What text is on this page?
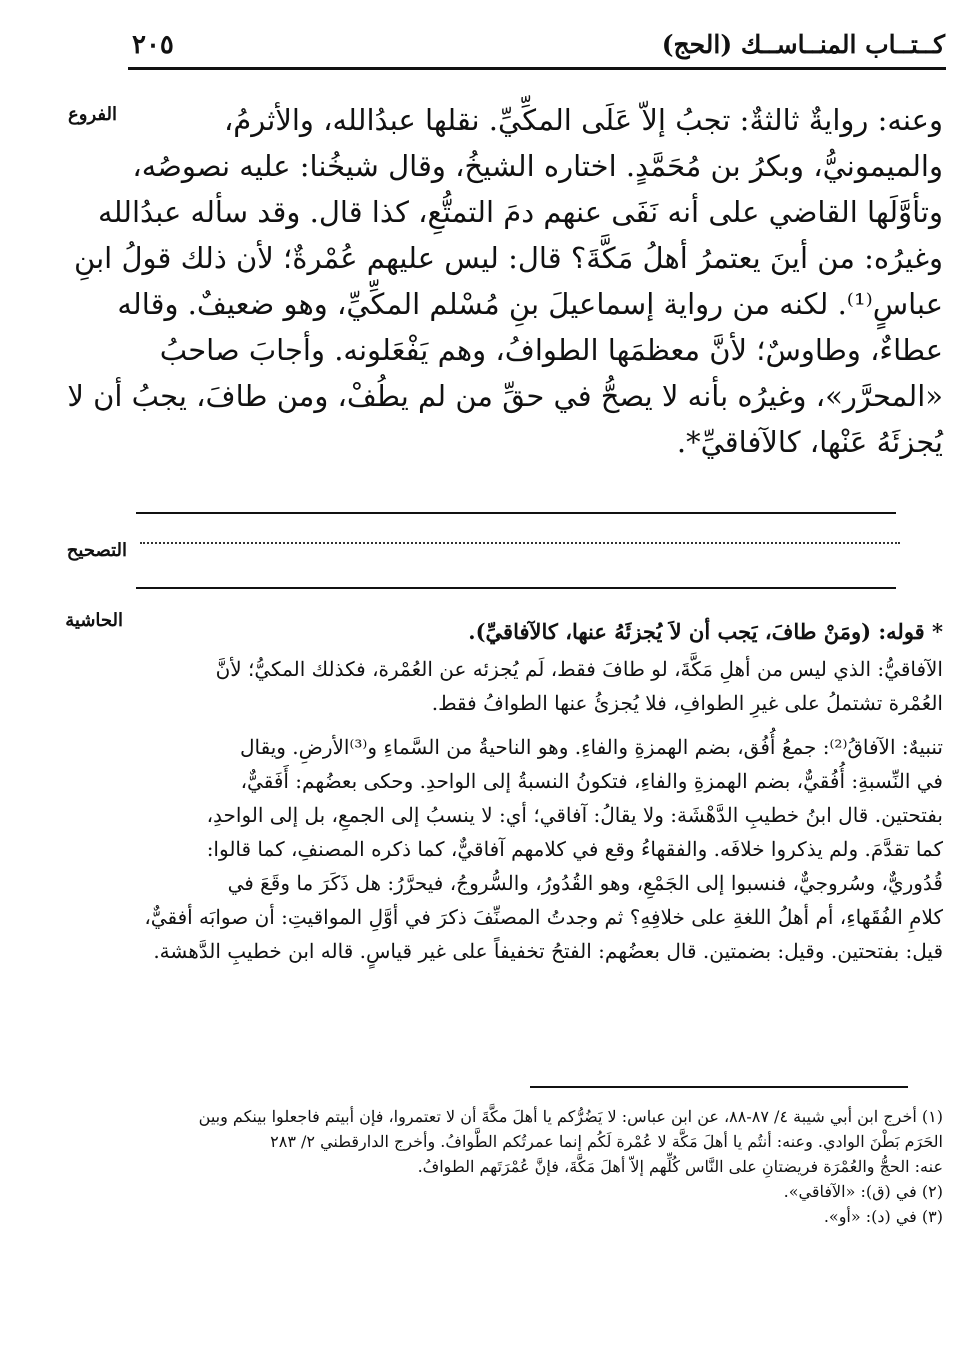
كــتــاب المنــاســك (الحج)
٢٠٥
الفروع
التصحيح
الحاشية

وعنه: روايةٌ ثالثةٌ: تجبُ إلاّ عَلَى المكِّيِّ. نقلها عبدُالله، والأثرمُ،

والميمونيُّ، وبكرُ بن مُحَمَّدٍ. اختاره الشيخُ، وقال شيخُنا: عليه نصوصُه،

وتأوَّلَها القاضي على أنه نَفَى عنهم دمَ التمتُّعِ، كذا قال. وقد سأله عبدُالله

وغيرُه: من أينَ يعتمرُ أهلُ مَكَّةَ؟ قال: ليس عليهم عُمْرةٌ؛ لأن ذلك قولُ ابنِ

عباسٍ⁽¹⁾. لكنه من رواية إسماعيلَ بنِ مُسْلم المكِّيِّ، وهو ضعيفٌ. وقاله

عطاءٌ، وطاوسٌ؛ لأنَّ معظمَها الطوافُ، وهم يَفْعَلونه. وأجابَ صاحبُ

«المحرَّر»، وغيرُه بأنه لا يصحُّ في حقِّ من لم يطُفْ، ومن طافَ، يجبُ أن لا

يُجزئَهُ عَنْها، كالآفاقيِّ*.

* قوله: (ومَنْ طافَ، يَجب أن لاَ يُجزئَهُ عنها، كالآفاقيِّ).

الآفاقيُّ: الذي ليس من أهلِ مَكَّةَ، لو طافَ فقط، لَم يُجزئه عن العُمْرة، فكذلك المكيُّ؛ لأنَّ

العُمْرة تشتملُ على غيرِ الطوافِ، فلا يُجزئُ عنها الطوافُ فقط.

تنبيهٌ: الآفاقُ⁽²⁾: جمعُ أُفُق، بضم الهمزةِ والفاءِ. وهو الناحيةُ من السَّماءِ و⁽³⁾الأرضِ. ويقال

في النِّسبةِ: أُفُقيٌّ، بضم الهمزةِ والفاءِ، فتكونُ النسبةُ إلى الواحدِ. وحكى بعضُهم: أَفَقيٌّ،

بفتحتين. قال ابنُ خطيبِ الدَّهْشَة: ولا يقالُ: آفاقي؛ أي: لا ينسبُ إلى الجمعِ، بل إلى الواحدِ،

كما تقدَّمَ. ولم يذكروا خلافَه. والفقهاءُ وقع في كلامهم آفاقيٌّ، كما ذكره المصنفِ، كما قالوا:

قُدُوريٌّ، وسُروجيٌّ، فنسبوا إلى الجَمْعِ، وهو القُدُورُ، والسُّروجُ، فيحرَّرُ: هل ذَكَرَ ما وقَعَ في

كلامِ الفُقَهاءِ، أم أهلُ اللغةِ على خلافِهِ؟ ثم وجدتُ المصنِّفَ ذكرَ في أوَّلِ المواقيتِ: أن صوابَه أفقيٌّ،

قيل: بفتحتين. وقيل: بضمتين. قال بعضُهم: الفتحُ تخفيفاً على غير قياسٍ. قاله ابن خطيبِ الدَّهشة.

(١) أخرج ابن أبي شيبة ٤/ ٨٧-٨٨، عن ابن عباس: لا يَضُرُّكم يا أهلَ مكَّةَ أن لا تعتمروا، فإن أبيتم فاجعلوا بينكم وبين

الحَرَم بَطْنَ الوادي. وعنه: أنتُم يا أهلَ مَكَّة لا عُمْرة لَكُم إنما عمرتُكم الطَّوافُ. وأخرج الدارقطني ٢/ ٢٨٣

عنه: الحجُّ والعُمْرَة فريضتانِ على النَّاس كُلِّهم إلاّ أهلَ مَكَّةَ، فإنَّ عُمْرَتَهم الطوافُ.

(٢) في (ق): «الآفاقي».

(٣) في (د): «أو».
